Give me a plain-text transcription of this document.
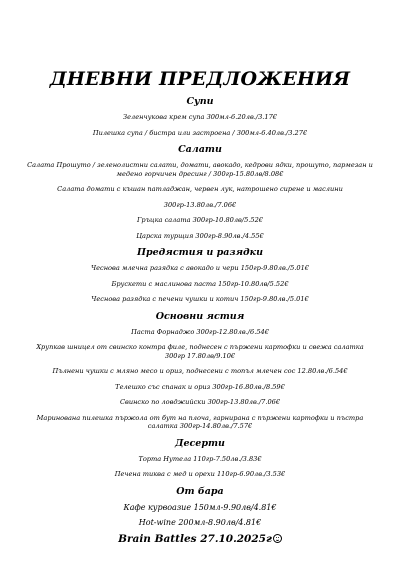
ДНЕВНИ ПРЕДЛОЖЕНИЯ
Супи
Зеленчукова крем супа 300мл-6.20лв./3.17€
Пилешка супа / бистра или застроена / 300мл-6.40лв./3.27€
Салати
Салата Прошуто / зеленолистни салати, домати, авокадо, кедрови ядки, прошуто, пармезан и медено горчичен дресинг / 300гр-15.80лв/8.08€
Салата домати с къшан патладжан, червен лук, натрошено сирене и маслини
300гр-13.80лв./7.06€
Гръцка салата 300гр-10.80лв/5.52€
Царска турщия 300гр-8.90лв./4.55€
Предястия и разядки
Чеснова млечна разядка с авокадо и чери 150гр-9.80лв./5.01€
Брускети с маслинова паста 150гр-10.80лв/5.52€
Чеснова разядка с печени чушки и котич 150гр-9.80лв./5.01€
Основни ястия
Паста Форнаджо 300гр-12.80лв./6.54€
Хрупкав шницел от свинско контра филе, поднесен с пържени картофки и свежа салатка 300гр 17.80лв/9.10€
Пълнени чушки с мляно месо и ориз, поднесени с топъл млечен сос 12.80лв./6.54€
Телешко със спанак и ориз 300гр-16.80лв./8.59€
Свинско по ловджийски 300гр-13.80лв./7.06€
Маринована пилешка пържола от бут на плоча, гарнирана с пържени картофки и пъстра салатка 300гр-14.80лв./7.57€
Десерти
Торта Нутела 110гр-7.50лв./3.83€
Печена тиква с мед и орехи 110гр-6.90лв./3.53€
От бара
Кафе курвоазие 150мл-9.90лв/4.81€
Hot-wine 200мл-8.90лв/4.81€
Brain Battles 27.10.2025г
